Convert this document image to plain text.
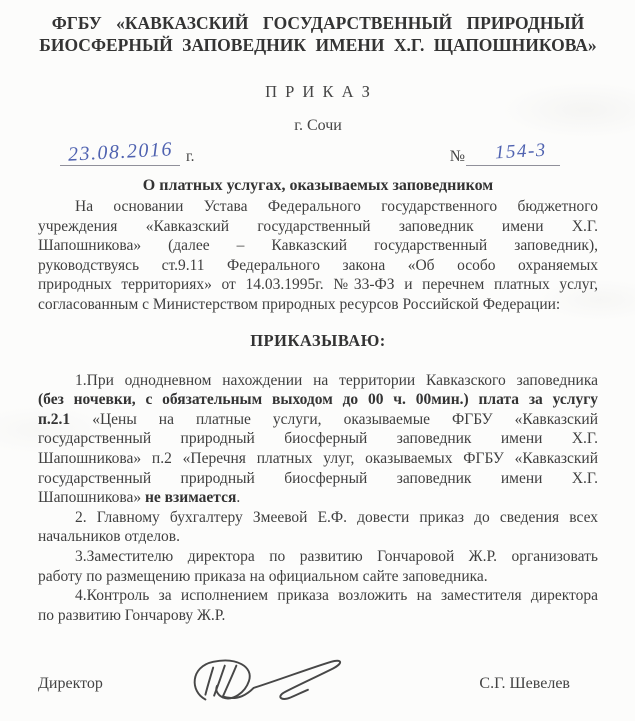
ФГБУ «КАВКАЗСКИЙ ГОСУДАРСТВЕННЫЙ ПРИРОДНЫЙ
БИОСФЕРНЫЙ ЗАПОВЕДНИК ИМЕНИ Х.Г. ЩАПОШНИКОВА»
П Р И К А З
г. Сочи
23.08.2016 г.	№	154-3
О платных услугах, оказываемых заповедником
На основании Устава Федерального государственного бюджетного
учреждения «Кавказский государственный заповедник имени Х.Г.
Шапошникова» (далее – Кавказский государственный заповедник),
руководствуясь ст.9.11 Федерального закона «Об особо охраняемых
природных территориях» от 14.03.1995г. №33-ФЗ и перечнем платных услуг,
согласованным с Министерством природных ресурсов Российской Федерации:
ПРИКАЗЫВАЮ:
1.При однодневном нахождении на территории Кавказского заповедника
(без ночевки, с обязательным выходом до 00 ч. 00мин.) плата за услугу
п.2.1 «Цены на платные услуги, оказываемые ФГБУ «Кавказский
государственный природный биосферный заповедник имени Х.Г.
Шапошникова» п.2 «Перечня платных улуг, оказываемых ФГБУ «Кавказский
государственный природный биосферный заповедник имени Х.Г.
Шапошникова» не взимается.
2. Главному бухгалтеру Змеевой Е.Ф. довести приказ до сведения всех
начальников отделов.
3.Заместителю директора по развитию Гончаровой Ж.Р. организовать
работу по размещению приказа на официальном сайте заповедника.
4.Контроль за исполнением приказа возложить на заместителя директора
по развитию Гончарову Ж.Р.
Директор	С.Г. Шевелев
